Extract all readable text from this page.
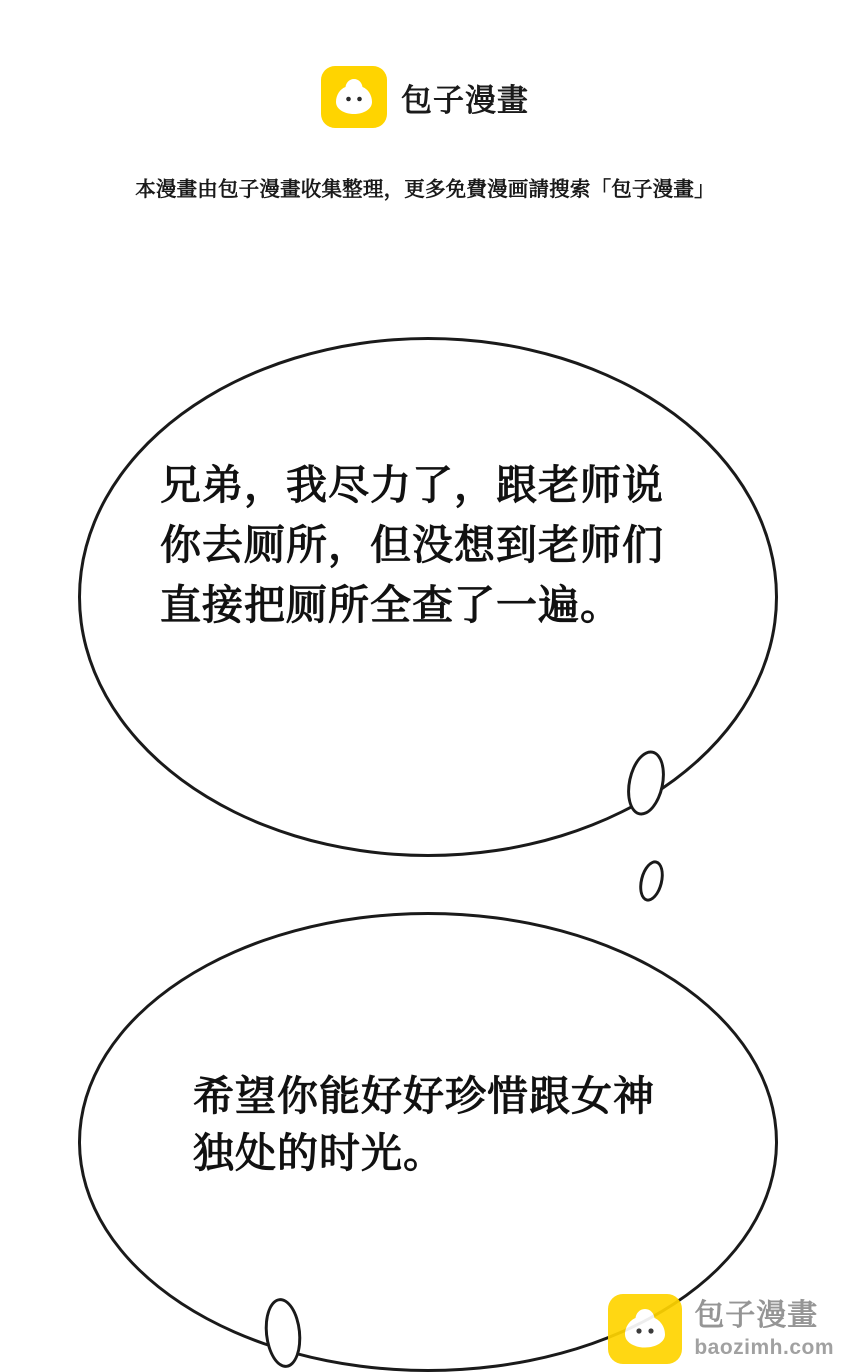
包子漫畫
本漫畫由包子漫畫收集整理，更多免費漫画請搜索「包子漫畫」
兄弟，我尽力了，跟老师说你去厕所，但没想到老师们直接把厕所全查了一遍。
希望你能好好珍惜跟女神独处的时光。
包子漫畫
baozimh.com
